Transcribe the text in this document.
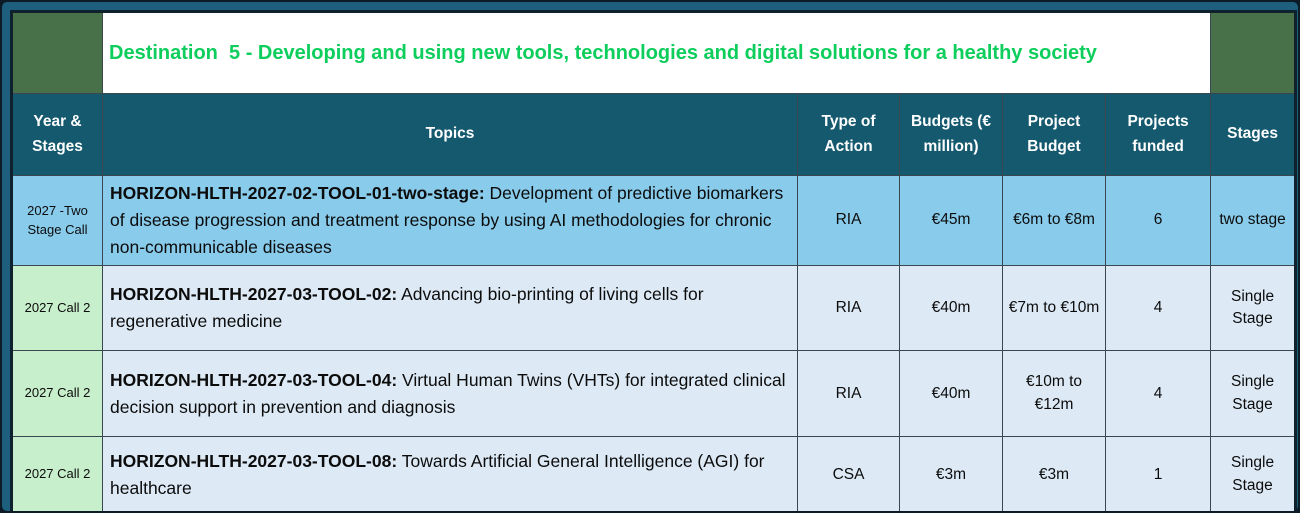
	Destination  5 - Developing and using new tools, technologies and digital solutions for a healthy society					

Year & Stages	Topics	Type of Action	Budgets (€ million)	Project Budget	Projects funded	Stages
2027 -Two Stage Call	HORIZON-HLTH-2027-02-TOOL-01-two-stage: Development of predictive biomarkers of disease progression and treatment response by using AI methodologies for chronic non-communicable diseases	RIA	€45m	€6m to €8m	6	two stage
2027 Call 2	HORIZON-HLTH-2027-03-TOOL-02: Advancing bio-printing of living cells for regenerative medicine	RIA	€40m	€7m to €10m	4	Single Stage
2027 Call 2	HORIZON-HLTH-2027-03-TOOL-04: Virtual Human Twins (VHTs) for integrated clinical decision support in prevention and diagnosis	RIA	€40m	€10m to €12m	4	Single Stage
2027 Call 2	HORIZON-HLTH-2027-03-TOOL-08: Towards Artificial General Intelligence (AGI) for healthcare	CSA	€3m	€3m	1	Single Stage
